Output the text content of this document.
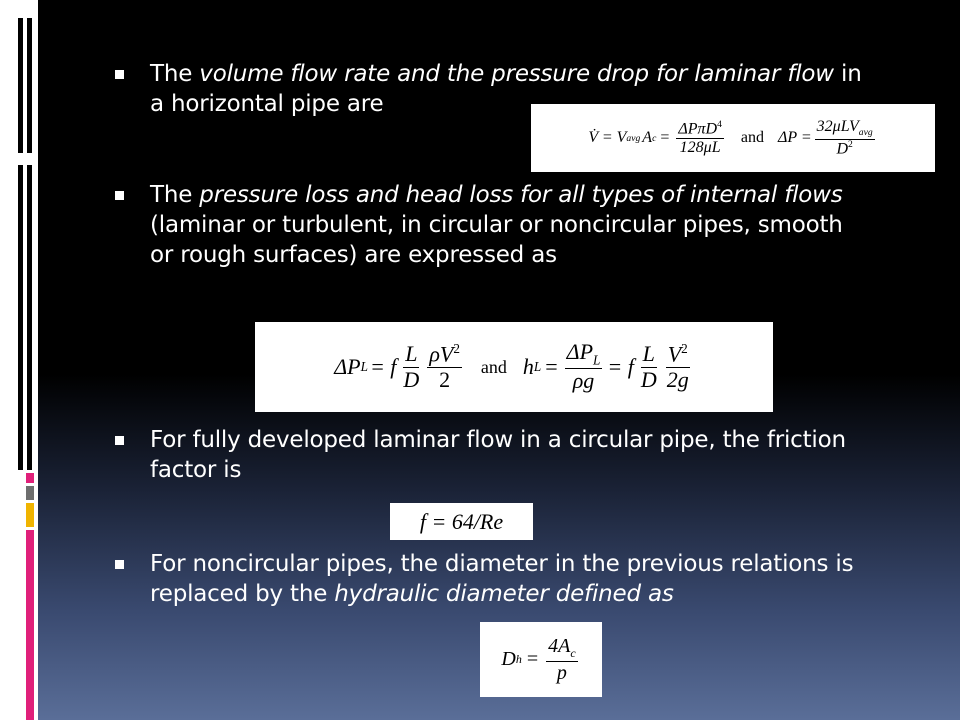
The volume flow rate and the pressure drop for laminar flow in a horizontal pipe are
V̇ = V avg A $c = \frac{\Delta P\pi D^4}{128\mu L}$ and $\Delta P = \frac{32\mu LV_{avg}}{D^2}$
The pressure loss and head loss for all types of internal flows (laminar or turbulent, in circular or noncircular pipes, smooth or rough surfaces) are expressed as
ΔP L = f $\frac{L}{D} \frac{\rho V^2}{2}$ and h $L = \frac{\Delta P_L}{\rho g} = f \frac{L}{D} \frac{V^2}{2g}$
For fully developed laminar flow in a circular pipe, the friction factor is
f = 64/Re
For noncircular pipes, the diameter in the previous relations is replaced by the hydraulic diameter defined as
D $h = \frac{4A_c}{p}$
